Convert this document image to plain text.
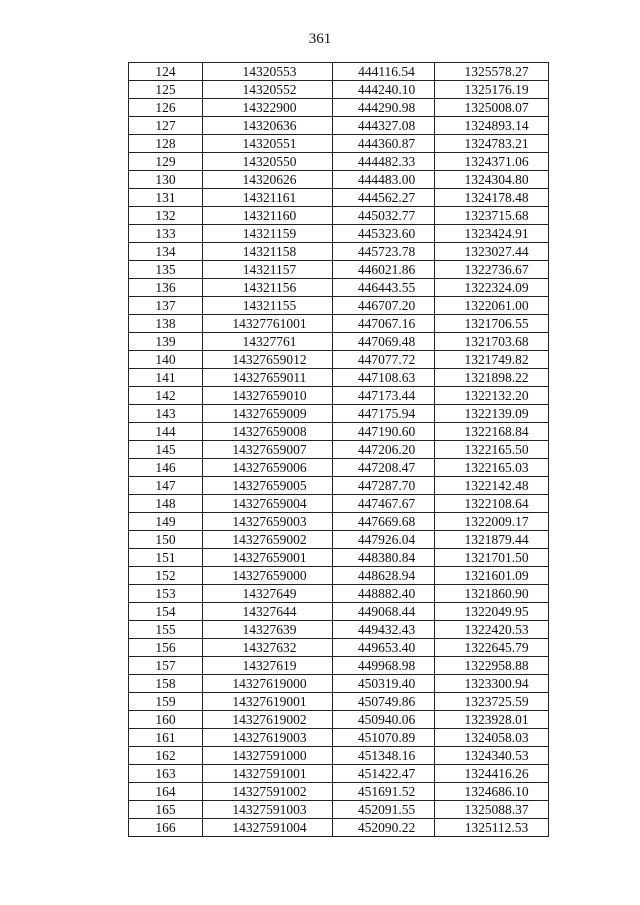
361
124	14320553	444116.54	1325578.27
125	14320552	444240.10	1325176.19
126	14322900	444290.98	1325008.07
127	14320636	444327.08	1324893.14
128	14320551	444360.87	1324783.21
129	14320550	444482.33	1324371.06
130	14320626	444483.00	1324304.80
131	14321161	444562.27	1324178.48
132	14321160	445032.77	1323715.68
133	14321159	445323.60	1323424.91
134	14321158	445723.78	1323027.44
135	14321157	446021.86	1322736.67
136	14321156	446443.55	1322324.09
137	14321155	446707.20	1322061.00
138	14327761001	447067.16	1321706.55
139	14327761	447069.48	1321703.68
140	14327659012	447077.72	1321749.82
141	14327659011	447108.63	1321898.22
142	14327659010	447173.44	1322132.20
143	14327659009	447175.94	1322139.09
144	14327659008	447190.60	1322168.84
145	14327659007	447206.20	1322165.50
146	14327659006	447208.47	1322165.03
147	14327659005	447287.70	1322142.48
148	14327659004	447467.67	1322108.64
149	14327659003	447669.68	1322009.17
150	14327659002	447926.04	1321879.44
151	14327659001	448380.84	1321701.50
152	14327659000	448628.94	1321601.09
153	14327649	448882.40	1321860.90
154	14327644	449068.44	1322049.95
155	14327639	449432.43	1322420.53
156	14327632	449653.40	1322645.79
157	14327619	449968.98	1322958.88
158	14327619000	450319.40	1323300.94
159	14327619001	450749.86	1323725.59
160	14327619002	450940.06	1323928.01
161	14327619003	451070.89	1324058.03
162	14327591000	451348.16	1324340.53
163	14327591001	451422.47	1324416.26
164	14327591002	451691.52	1324686.10
165	14327591003	452091.55	1325088.37
166	14327591004	452090.22	1325112.53
